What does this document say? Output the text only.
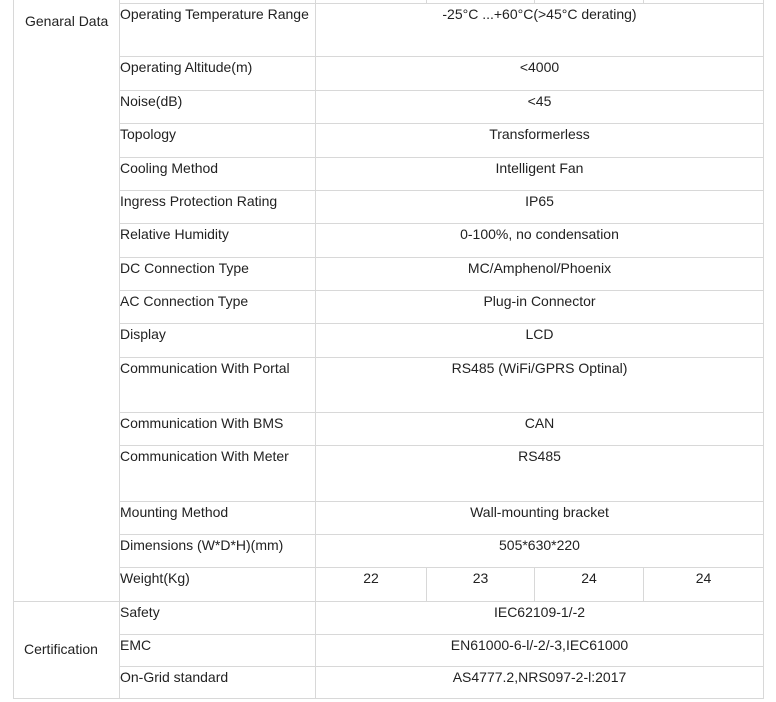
Genaral Data	Operating Temperature Range	-25°C ...+60°C(>45°C derating)			
	Operating Altitude(m)	<4000			
	Noise(dB)	<45			
	Topology	Transformerless			
	Cooling Method	Intelligent Fan			
	Ingress Protection Rating	IP65			
	Relative Humidity	0-100%, no condensation			
	DC Connection Type	MC/Amphenol/Phoenix			
	AC Connection Type	Plug-in Connector			
	Display	LCD			
	Communication With Portal	RS485 (WiFi/GPRS Optinal)			
	Communication With BMS	CAN			
	Communication With Meter	RS485			
	Mounting Method	Wall-mounting bracket			
	Dimensions (W*D*H)(mm)	505*630*220			
	Weight(Kg)	22	23	24	24
Certification	Safety	IEC62109-1/-2			
	EMC	EN61000-6-l/-2/-3,IEC61000			
	On-Grid standard	AS4777.2,NRS097-2-l:2017			
